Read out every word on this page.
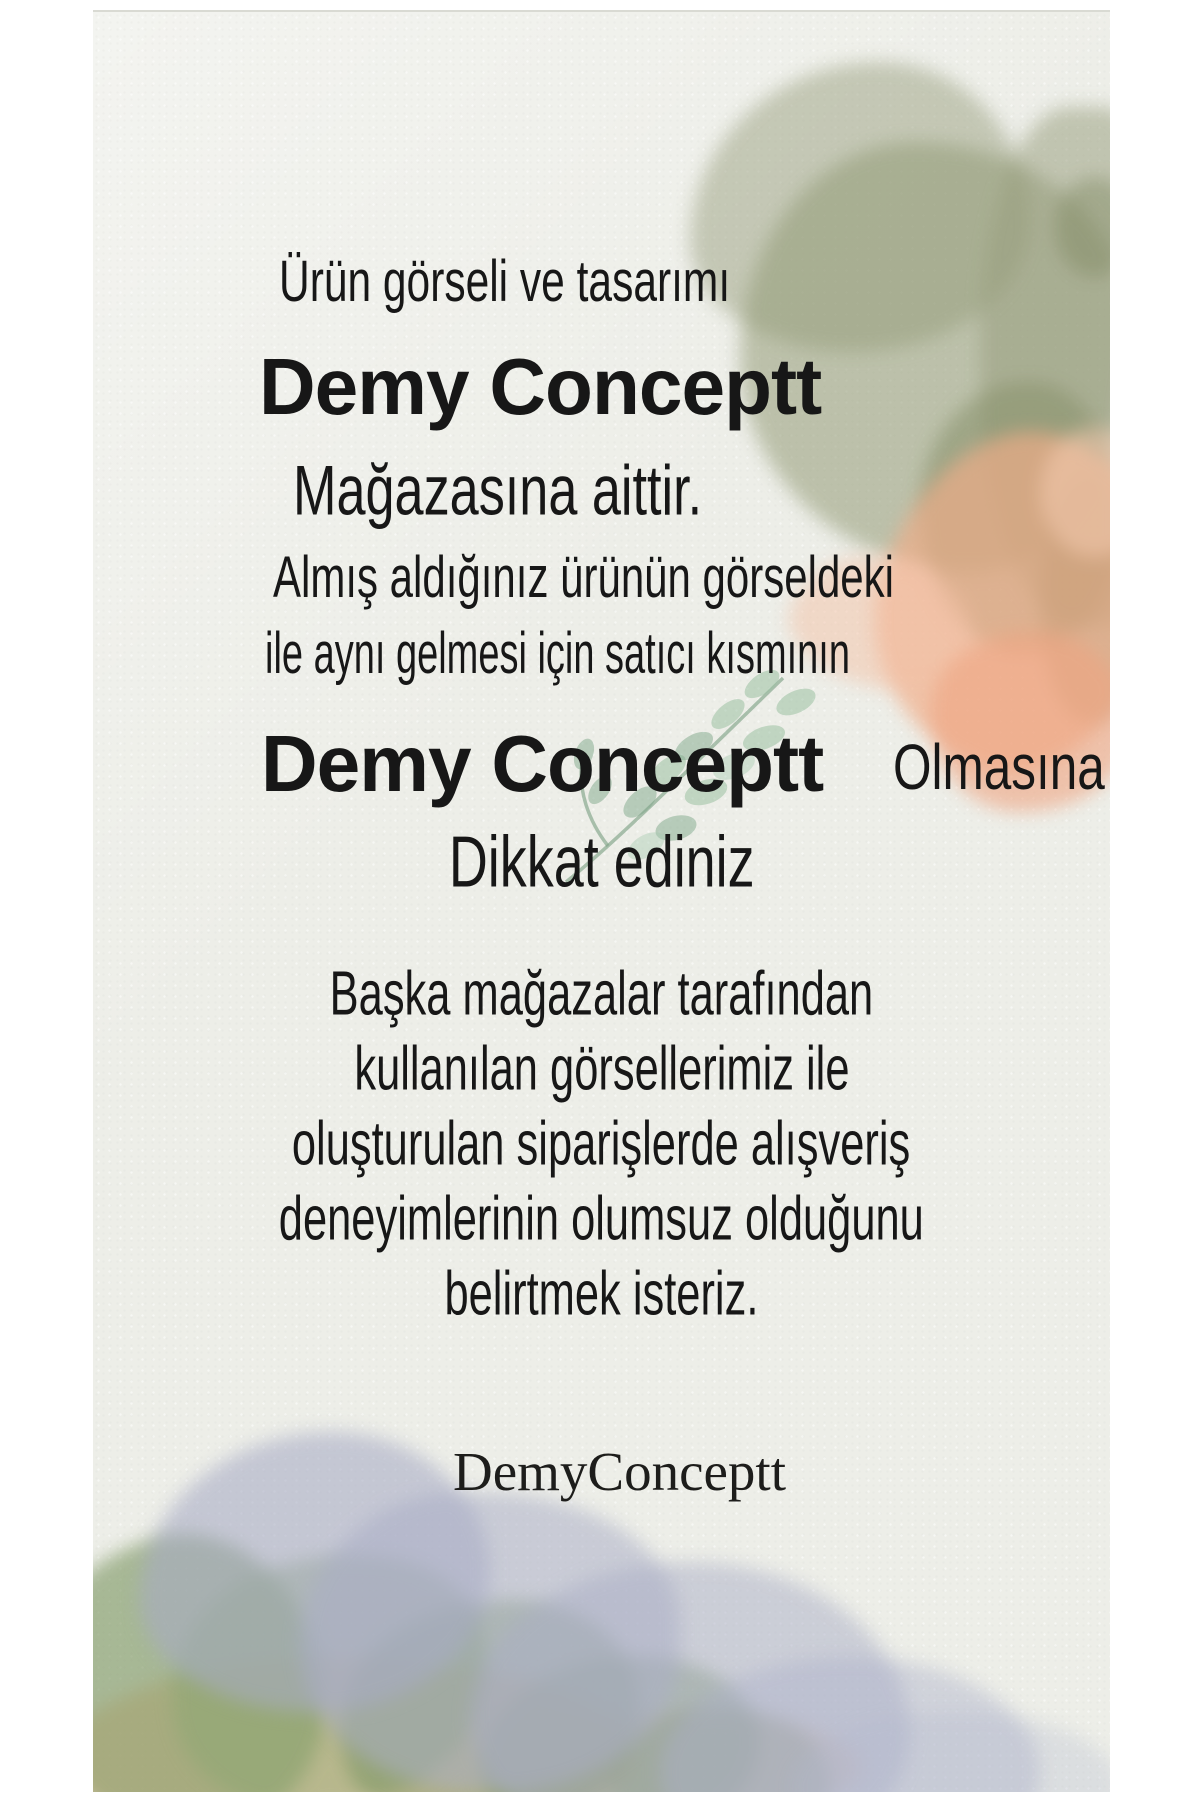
Ürün görseli ve tasarımı
Demy Conceptt
Mağazasına aittir.
Almış aldığınız ürünün görseldeki
ile aynı gelmesi için satıcı kısmının
Demy Conceptt Olmasına
Dikkat ediniz
Başka mağazalar tarafından
kullanılan görsellerimiz ile
oluşturulan siparişlerde alışveriş
deneyimlerinin olumsuz olduğunu
belirtmek isteriz.
DemyConceptt
